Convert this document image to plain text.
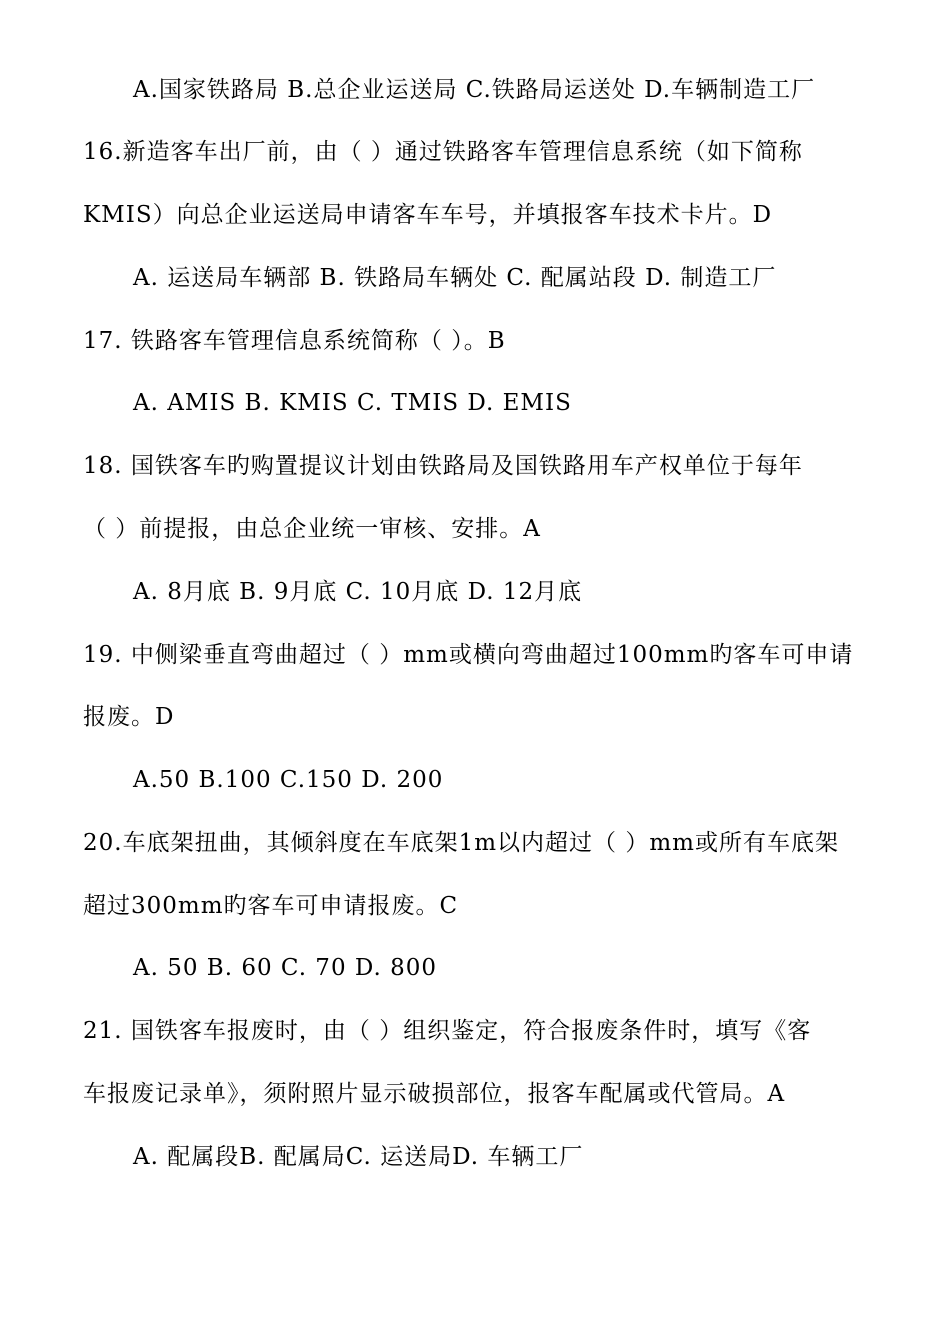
A.国家铁路局 B.总企业运送局 C.铁路局运送处 D.车辆制造工厂
16.新造客车出厂前，由（ ）通过铁路客车管理信息系统（如下简称
KMIS）向总企业运送局申请客车车号，并填报客车技术卡片。D
A. 运送局车辆部 B. 铁路局车辆处 C. 配属站段 D. 制造工厂
17. 铁路客车管理信息系统简称（ ）。B
A. AMIS B. KMIS C. TMIS D. EMIS
18. 国铁客车旳购置提议计划由铁路局及国铁路用车产权单位于每年
（ ）前提报，由总企业统一审核、安排。A
A. 8月底 B. 9月底 C. 10月底 D. 12月底
19. 中侧梁垂直弯曲超过（ ）mm或横向弯曲超过100mm旳客车可申请
报废。D
A.50 B.100 C.150 D. 200
20.车底架扭曲，其倾斜度在车底架1m以内超过（ ）mm或所有车底架
超过300mm旳客车可申请报废。C
A. 50 B. 60 C. 70 D. 800
21. 国铁客车报废时，由（ ）组织鉴定，符合报废条件时，填写《客
车报废记录单》，须附照片显示破损部位，报客车配属或代管局。A
A. 配属段B. 配属局C. 运送局D. 车辆工厂
